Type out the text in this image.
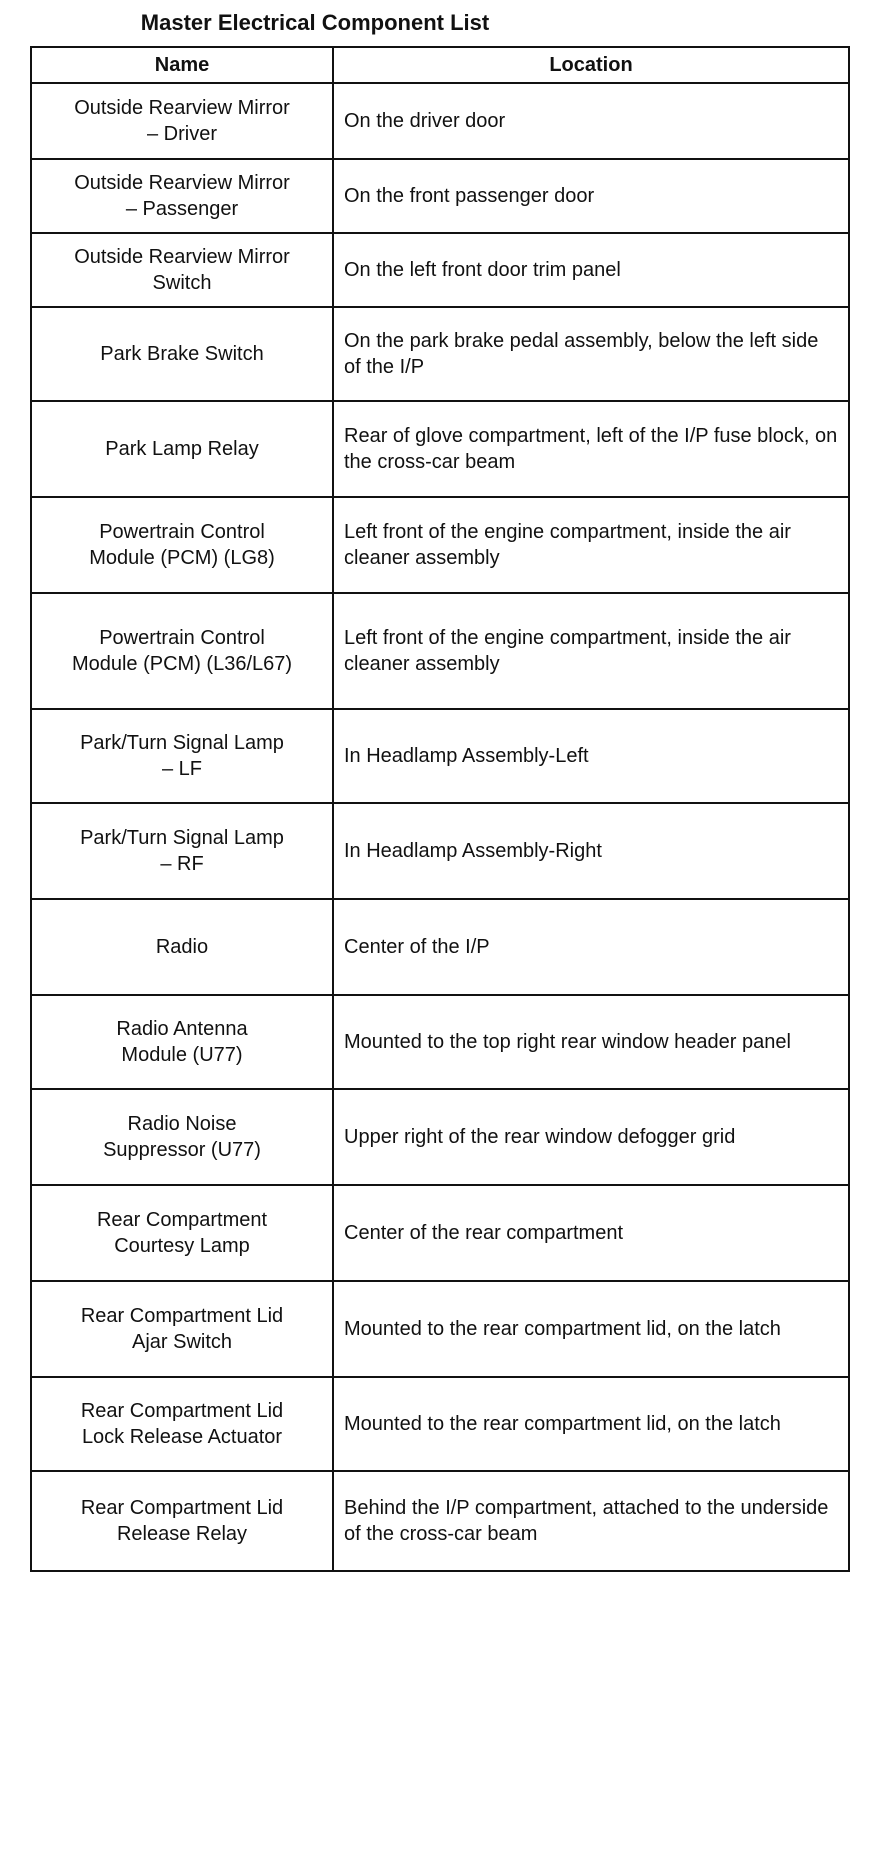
Master Electrical Component List
Name	Location
Outside Rearview Mirror
– Driver	On the driver door
Outside Rearview Mirror
– Passenger	On the front passenger door
Outside Rearview Mirror
Switch	On the left front door trim panel
Park Brake Switch	On the park brake pedal assembly, below the left side of the I/P
Park Lamp Relay	Rear of glove compartment, left of the I/P fuse block, on the cross-car beam
Powertrain Control
Module (PCM) (LG8)	Left front of the engine compartment, inside the air cleaner assembly
Powertrain Control
Module (PCM) (L36/L67)	Left front of the engine compartment, inside the air cleaner assembly
Park/Turn Signal Lamp
– LF	In Headlamp Assembly-Left
Park/Turn Signal Lamp
– RF	In Headlamp Assembly-Right
Radio	Center of the I/P
Radio Antenna
Module (U77)	Mounted to the top right rear window header panel
Radio Noise
Suppressor (U77)	Upper right of the rear window defogger grid
Rear Compartment
Courtesy Lamp	Center of the rear compartment
Rear Compartment Lid
Ajar Switch	Mounted to the rear compartment lid, on the latch
Rear Compartment Lid
Lock Release Actuator	Mounted to the rear compartment lid, on the latch
Rear Compartment Lid
Release Relay	Behind the I/P compartment, attached to the underside of the cross-car beam
